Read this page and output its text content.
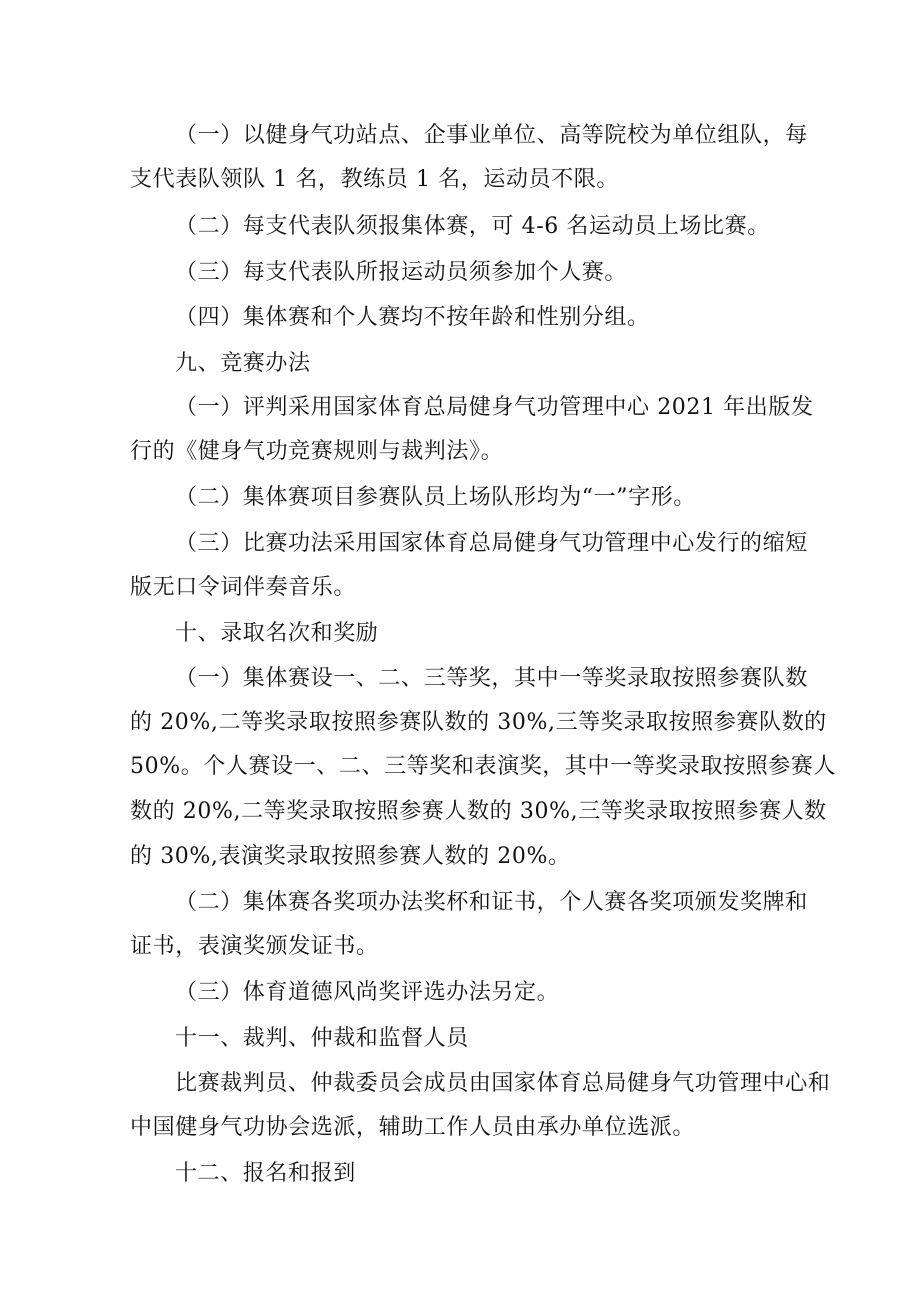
（一）以健身气功站点、企事业单位、高等院校为单位组队，每
支代表队领队 1 名，教练员 1 名，运动员不限。
（二）每支代表队须报集体赛，可 4-6 名运动员上场比赛。
（三）每支代表队所报运动员须参加个人赛。
（四）集体赛和个人赛均不按年龄和性别分组。
九、竞赛办法
（一）评判采用国家体育总局健身气功管理中心 2021 年出版发
行的《健身气功竞赛规则与裁判法》。
（二）集体赛项目参赛队员上场队形均为“一”字形。
（三）比赛功法采用国家体育总局健身气功管理中心发行的缩短
版无口令词伴奏音乐。
十、录取名次和奖励
（一）集体赛设一、二、三等奖，其中一等奖录取按照参赛队数
的 20%,二等奖录取按照参赛队数的 30%,三等奖录取按照参赛队数的
50%。个人赛设一、二、三等奖和表演奖，其中一等奖录取按照参赛人
数的 20%,二等奖录取按照参赛人数的 30%,三等奖录取按照参赛人数
的 30%,表演奖录取按照参赛人数的 20%。
（二）集体赛各奖项办法奖杯和证书，个人赛各奖项颁发奖牌和
证书，表演奖颁发证书。
（三）体育道德风尚奖评选办法另定。
十一、裁判、仲裁和监督人员
比赛裁判员、仲裁委员会成员由国家体育总局健身气功管理中心和
中国健身气功协会选派，辅助工作人员由承办单位选派。
十二、报名和报到
